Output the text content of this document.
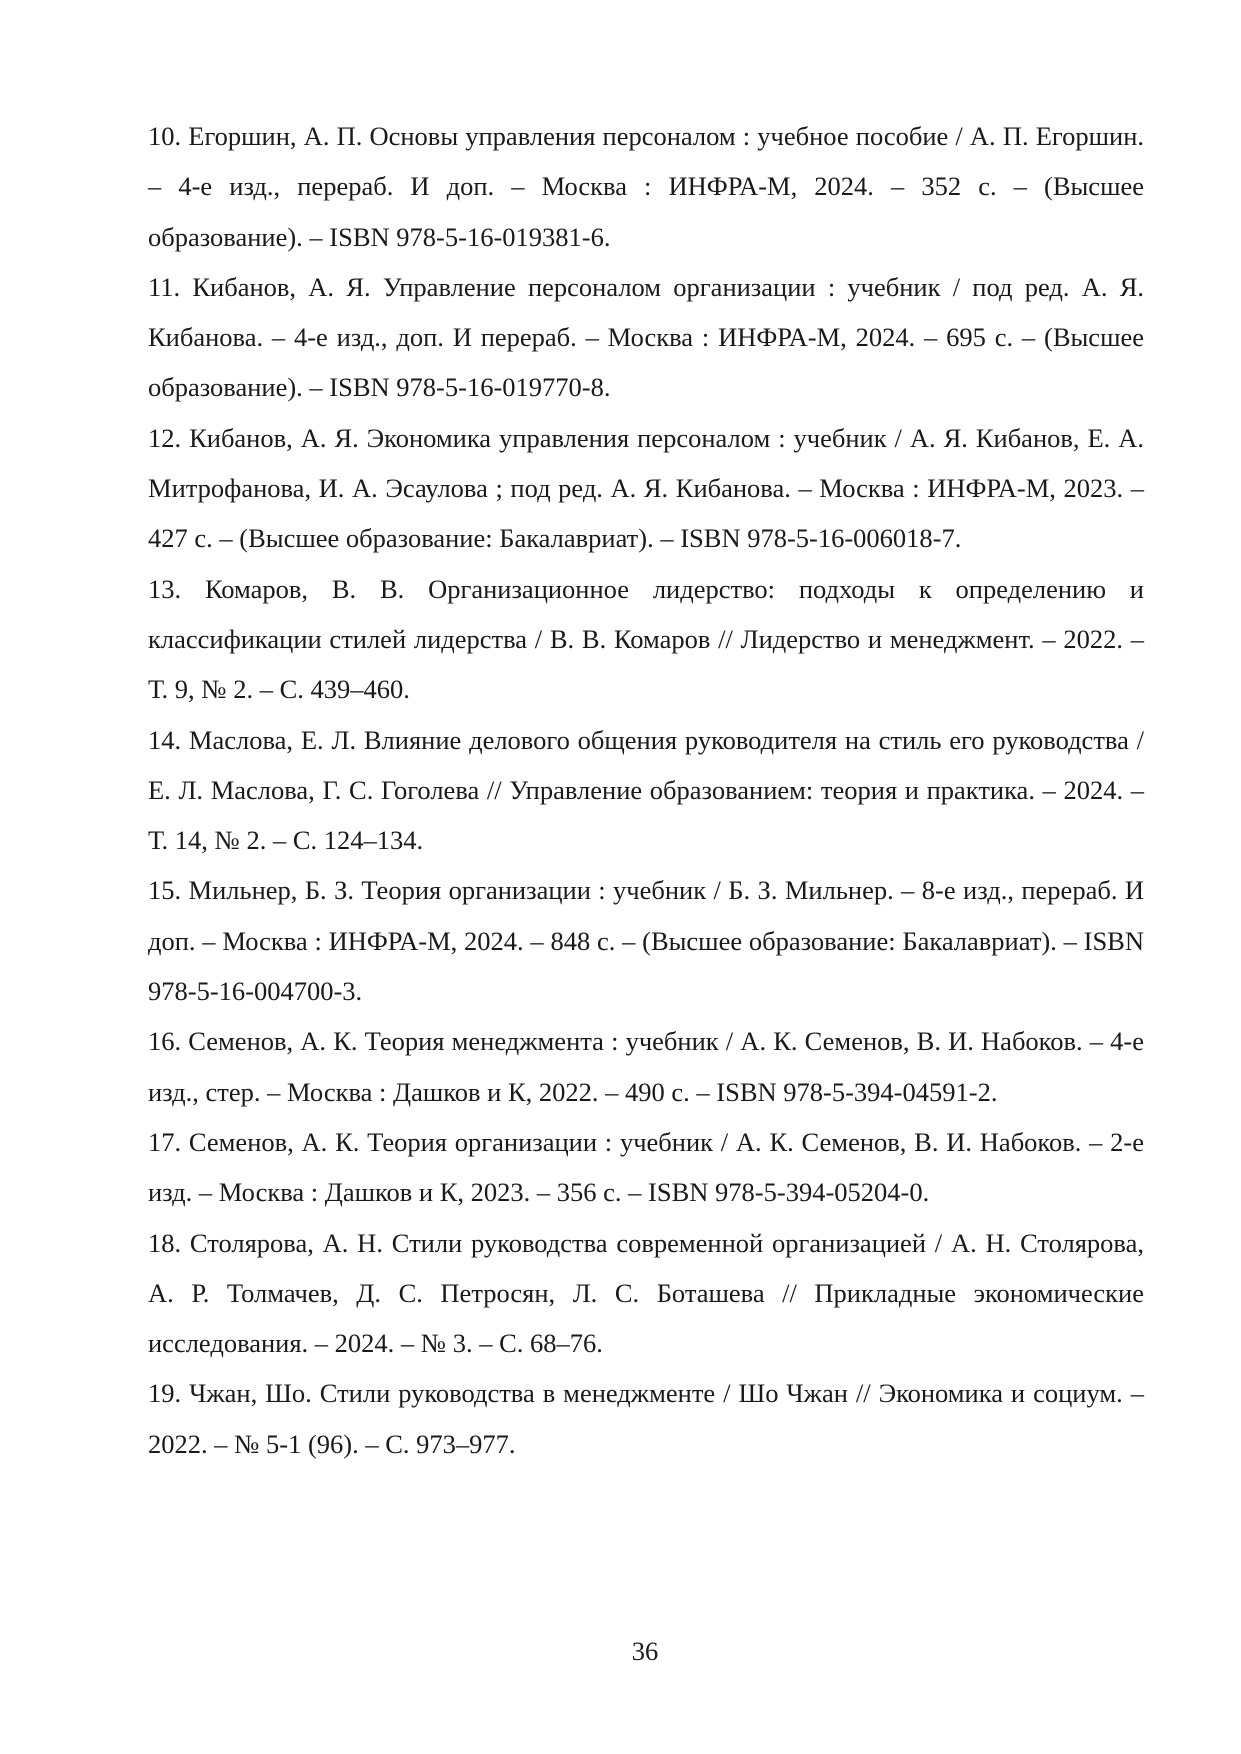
10. Егоршин, А. П. Основы управления персоналом : учебное пособие / А. П. Егоршин. – 4-е изд., перераб. И доп. – Москва : ИНФРА-М, 2024. – 352 с. – (Высшее образование). – ISBN 978-5-16-019381-6.
11. Кибанов, А. Я. Управление персоналом организации : учебник / под ред. А. Я. Кибанова. – 4-е изд., доп. И перераб. – Москва : ИНФРА-М, 2024. – 695 с. – (Высшее образование). – ISBN 978-5-16-019770-8.
12. Кибанов, А. Я. Экономика управления персоналом : учебник / А. Я. Кибанов, Е. А. Митрофанова, И. А. Эсаулова ; под ред. А. Я. Кибанова. – Москва : ИНФРА-М, 2023. – 427 с. – (Высшее образование: Бакалавриат). – ISBN 978-5-16-006018-7.
13. Комаров, В. В. Организационное лидерство: подходы к определению и классификации стилей лидерства / В. В. Комаров // Лидерство и менеджмент. – 2022. – Т. 9, № 2. – С. 439–460.
14. Маслова, Е. Л. Влияние делового общения руководителя на стиль его руководства / Е. Л. Маслова, Г. С. Гоголева // Управление образованием: теория и практика. – 2024. – Т. 14, № 2. – С. 124–134.
15. Мильнер, Б. З. Теория организации : учебник / Б. З. Мильнер. – 8-е изд., перераб. И доп. – Москва : ИНФРА-М, 2024. – 848 с. – (Высшее образование: Бакалавриат). – ISBN 978-5-16-004700-3.
16. Семенов, А. К. Теория менеджмента : учебник / А. К. Семенов, В. И. Набоков. – 4-е изд., стер. – Москва : Дашков и К, 2022. – 490 с. – ISBN 978-5-394-04591-2.
17. Семенов, А. К. Теория организации : учебник / А. К. Семенов, В. И. Набоков. – 2-е изд. – Москва : Дашков и К, 2023. – 356 с. – ISBN 978-5-394-05204-0.
18. Столярова, А. Н. Стили руководства современной организацией / А. Н. Столярова, А. Р. Толмачев, Д. С. Петросян, Л. С. Боташева // Прикладные экономические исследования. – 2024. – № 3. – С. 68–76.
19. Чжан, Шо. Стили руководства в менеджменте / Шо Чжан // Экономика и социум. – 2022. – № 5-1 (96). – С. 973–977.
36
